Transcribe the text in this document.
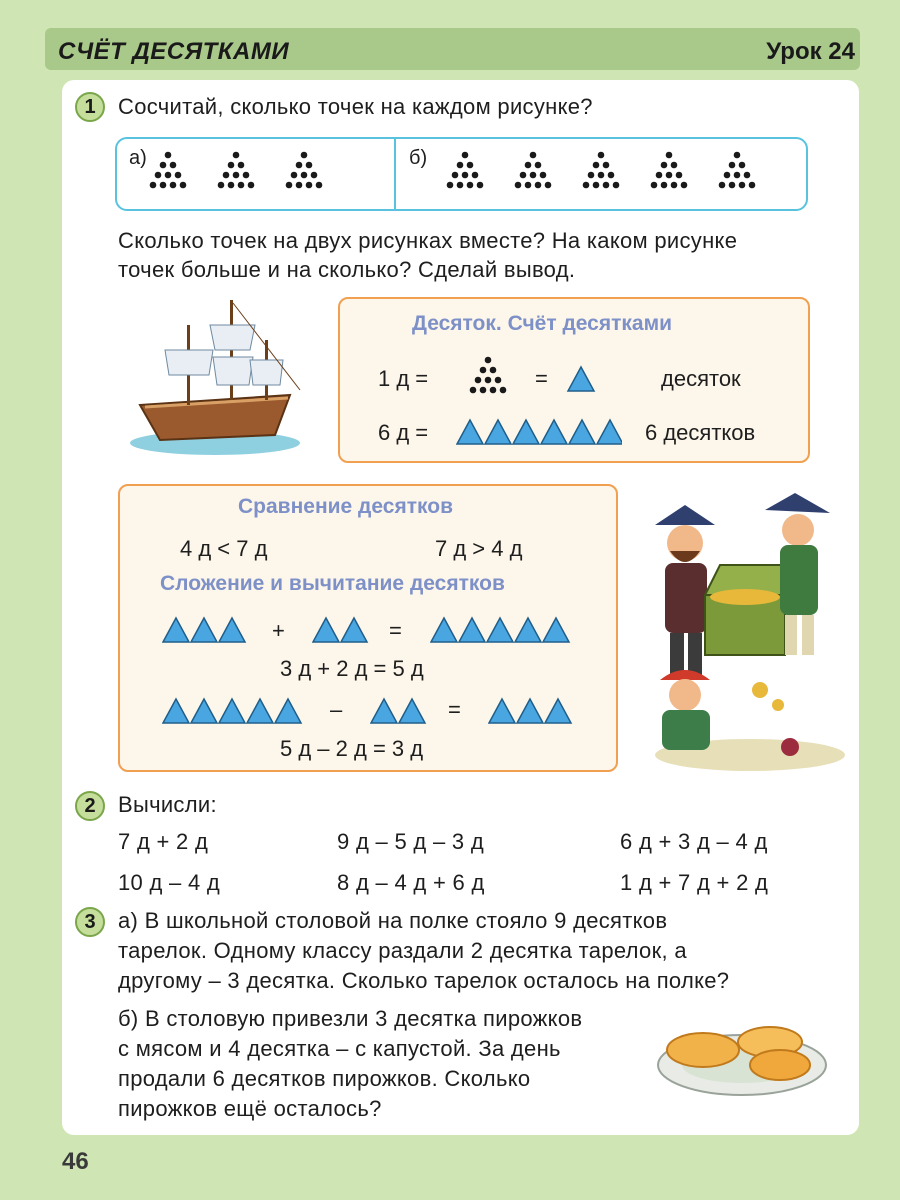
СЧЁТ ДЕСЯТКАМИ	Урок 24
1	Сосчитай, сколько точек на каждом рисунке?
а)	б)
Сколько точек на двух рисунках вместе? На каком рисунке
точек больше и на сколько? Сделай вывод.
Десяток. Счёт десятками
1 д =	=	десяток
6 д =	6 десятков
Сравнение десятков
4 д < 7 д	7 д > 4 д
Сложение и вычитание десятков
+	=
3 д + 2 д = 5 д
–	=
5 д – 2 д = 3 д
2	Вычисли:
7 д + 2 д	9 д – 5 д – 3 д	6 д + 3 д – 4 д
10 д – 4 д	8 д – 4 д + 6 д	1 д + 7 д + 2 д
3	а) В школьной столовой на полке стояло 9 десятков
тарелок. Одному классу раздали 2 десятка тарелок, а
другому – 3 десятка. Сколько тарелок осталось на полке?
б) В столовую привезли 3 десятка пирожков
с мясом и 4 десятка – с капустой. За день
продали 6 десятков пирожков. Сколько
пирожков ещё осталось?
46
